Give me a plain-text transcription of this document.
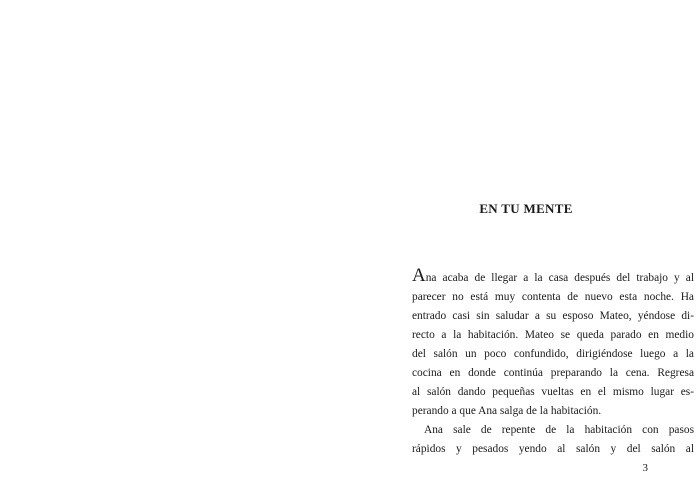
EN TU MENTE
Ana acaba de llegar a la casa después del trabajo y al
parecer no está muy contenta de nuevo esta noche. Ha
entrado casi sin saludar a su esposo Mateo, yéndose di-
recto a la habitación. Mateo se queda parado en medio
del salón un poco confundido, dirigiéndose luego a la
cocina en donde continúa preparando la cena. Regresa
al salón dando pequeñas vueltas en el mismo lugar es-
perando a que Ana salga de la habitación.
Ana sale de repente de la habitación con pasos
rápidos y pesados yendo al salón y del salón al
3
